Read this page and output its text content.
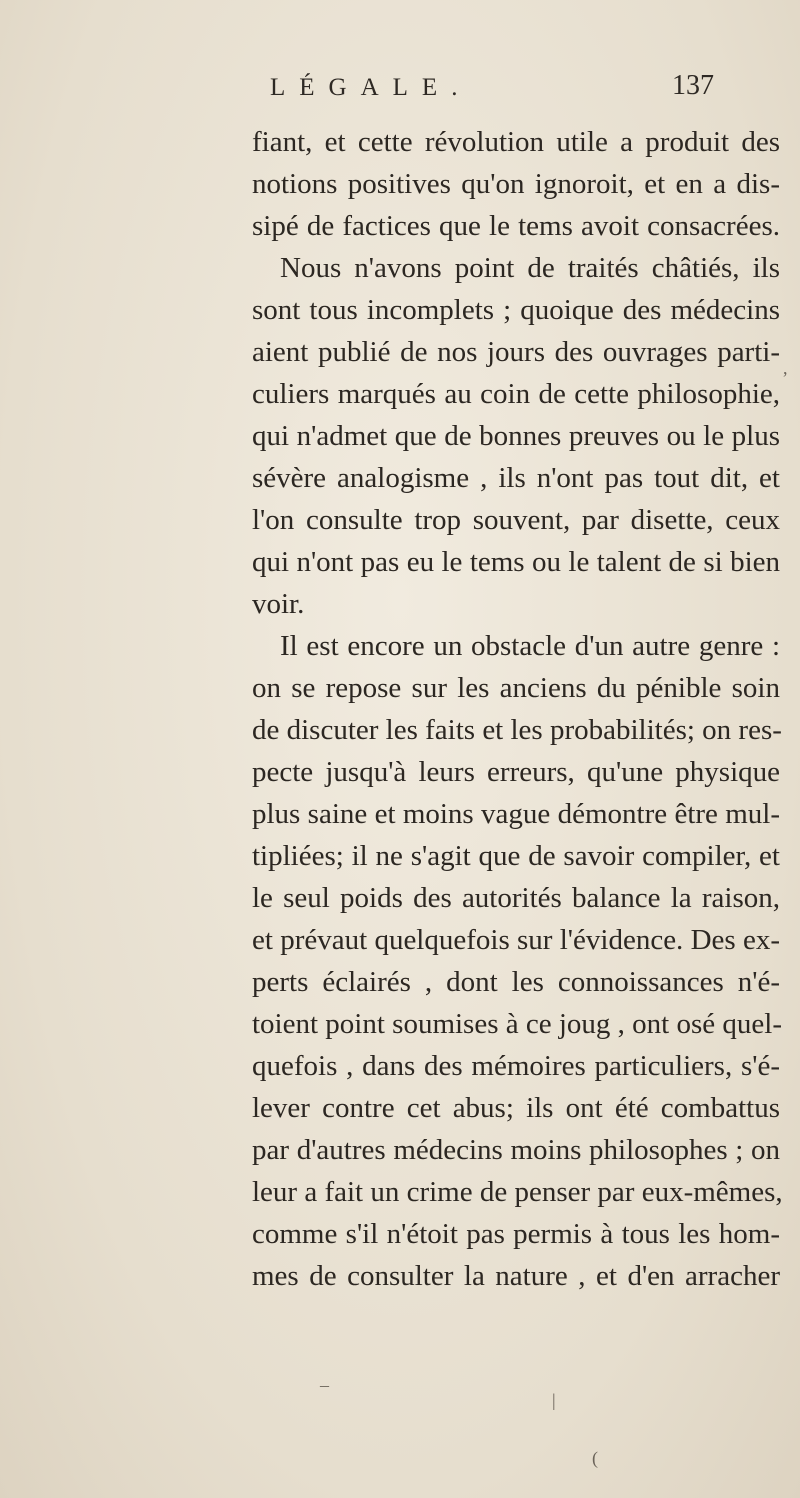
LÉGALE.	137
fiant, et cette révolution utile a produit des
notions positives qu'on ignoroit, et en a dis-
sipé de factices que le tems avoit consacrées.
Nous n'avons point de traités châtiés, ils
sont tous incomplets ; quoique des médecins
aient publié de nos jours des ouvrages parti-
culiers marqués au coin de cette philosophie,
qui n'admet que de bonnes preuves ou le plus
sévère analogisme , ils n'ont pas tout dit, et
l'on consulte trop souvent, par disette, ceux
qui n'ont pas eu le tems ou le talent de si bien
voir.
Il est encore un obstacle d'un autre genre :
on se repose sur les anciens du pénible soin
de discuter les faits et les probabilités; on res-
pecte jusqu'à leurs erreurs, qu'une physique
plus saine et moins vague démontre être mul-
tipliées; il ne s'agit que de savoir compiler, et
le seul poids des autorités balance la raison,
et prévaut quelquefois sur l'évidence. Des ex-
perts éclairés , dont les connoissances n'é-
toient point soumises à ce joug , ont osé quel-
quefois , dans des mémoires particuliers, s'é-
lever contre cet abus; ils ont été combattus
par d'autres médecins moins philosophes ; on
leur a fait un crime de penser par eux-mêmes,
comme s'il n'étoit pas permis à tous les hom-
mes de consulter la nature , et d'en arracher
,
–
|
(
